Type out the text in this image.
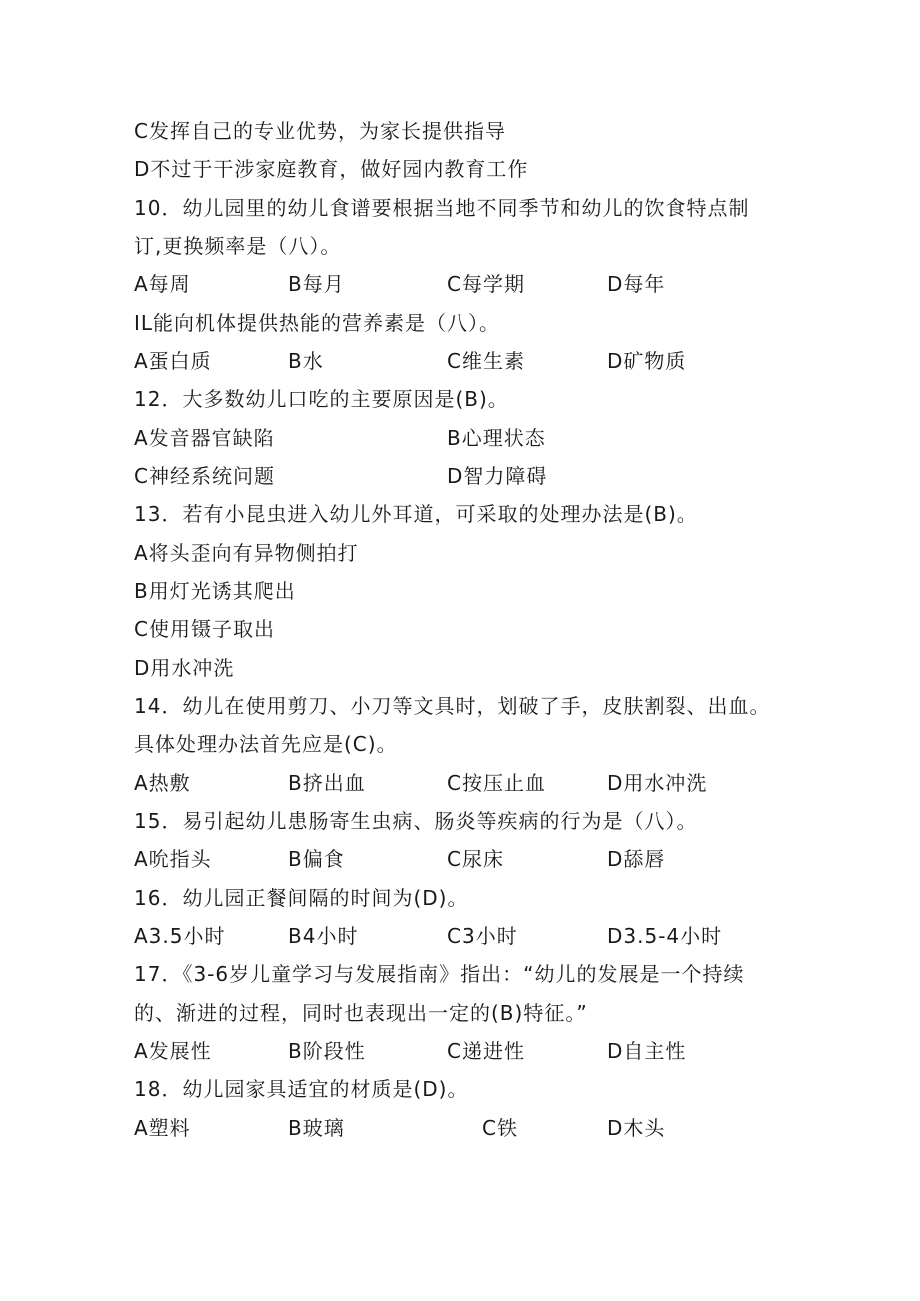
C发挥自己的专业优势，为家长提供指导
D不过于干涉家庭教育，做好园内教育工作
10．幼儿园里的幼儿食谱要根据当地不同季节和幼儿的饮食特点制
订,更换频率是（八）。
A每周	B每月	C每学期	D每年
IL能向机体提供热能的营养素是（八）。
A蛋白质	B水	C维生素	D矿物质
12．大多数幼儿口吃的主要原因是(B)。
A发音器官缺陷	B心理状态
C神经系统问题	D智力障碍
13．若有小昆虫进入幼儿外耳道，可采取的处理办法是(B)。
A将头歪向有异物侧拍打
B用灯光诱其爬出
C使用镊子取出
D用水冲洗
14．幼儿在使用剪刀、小刀等文具时，划破了手，皮肤割裂、出血。
具体处理办法首先应是(C)。
A热敷	B挤出血	C按压止血	D用水冲洗
15．易引起幼儿患肠寄生虫病、肠炎等疾病的行为是（八）。
A吮指头	B偏食	C尿床	D舔唇
16．幼儿园正餐间隔的时间为(D)。
A3.5小时	B4小时	C3小时	D3.5-4小时
17．《3-6岁儿童学习与发展指南》指出：“幼儿的发展是一个持续
的、渐进的过程，同时也表现出一定的(B)特征。”
A发展性	B阶段性	C递进性	D自主性
18．幼儿园家具适宜的材质是(D)。
A塑料	B玻璃	C铁	D木头
